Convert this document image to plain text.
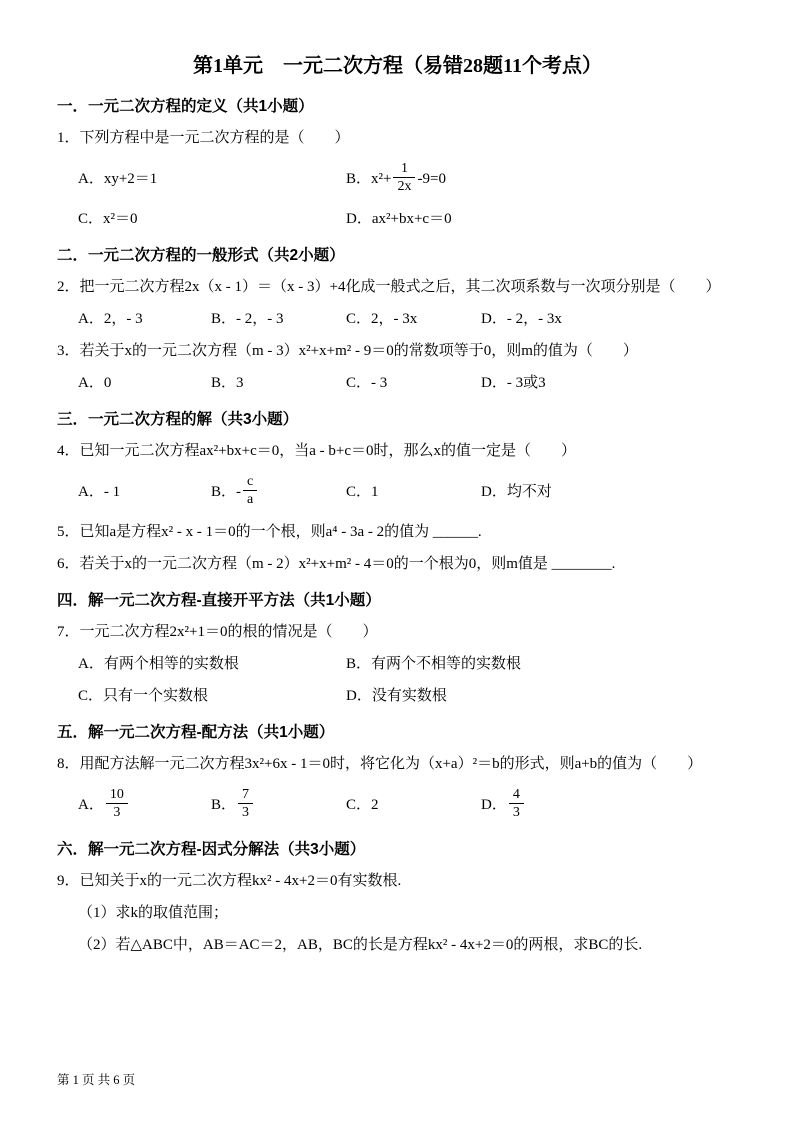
第1单元　一元二次方程（易错28题11个考点）
一．一元二次方程的定义（共1小题）
1．下列方程中是一元二次方程的是（　　）
A．xy+2＝1	B．$x^2+ \frac{1}{2x} -9=0$
C．x²＝0	D．ax²+bx+c＝0
二．一元二次方程的一般形式（共2小题）
2．把一元二次方程2x（x - 1）＝（x - 3）+4化成一般式之后，其二次项系数与一次项分别是（　　）
A．2，- 3	B．- 2，- 3	C．2，- 3x	D．- 2，- 3x
3．若关于x的一元二次方程（m - 3）x²+x+m² - 9＝0的常数项等于0，则m的值为（　　）
A．0	B．3	C．- 3	D．- 3或3
三．一元二次方程的解（共3小题）
4．已知一元二次方程ax²+bx+c＝0，当a - b+c＝0时，那么x的值一定是（　　）
A．- 1	B．- $\frac{c}{a}$	C．1	D．均不对
5．已知a是方程x² - x - 1＝0的一个根，则a⁴ - 3a - 2的值为 ______.
6．若关于x的一元二次方程（m - 2）x²+x+m² - 4＝0的一个根为0，则m值是 ________.
四．解一元二次方程-直接开平方法（共1小题）
7．一元二次方程2x²+1＝0的根的情况是（　　）
A．有两个相等的实数根	B．有两个不相等的实数根
C．只有一个实数根	D．没有实数根
五．解一元二次方程-配方法（共1小题）
8．用配方法解一元二次方程3x²+6x - 1＝0时，将它化为（x+a）²＝b的形式，则a+b的值为（　　）
A． $\frac{10}{3}$	B． $\frac{7}{3}$	C．2	D． $\frac{4}{3}$
六．解一元二次方程-因式分解法（共3小题）
9．已知关于x的一元二次方程kx² - 4x+2＝0有实数根.
（1）求k的取值范围；
（2）若△ABC中，AB＝AC＝2，AB，BC的长是方程kx² - 4x+2＝0的两根，求BC的长.
第 1 页 共 6 页
